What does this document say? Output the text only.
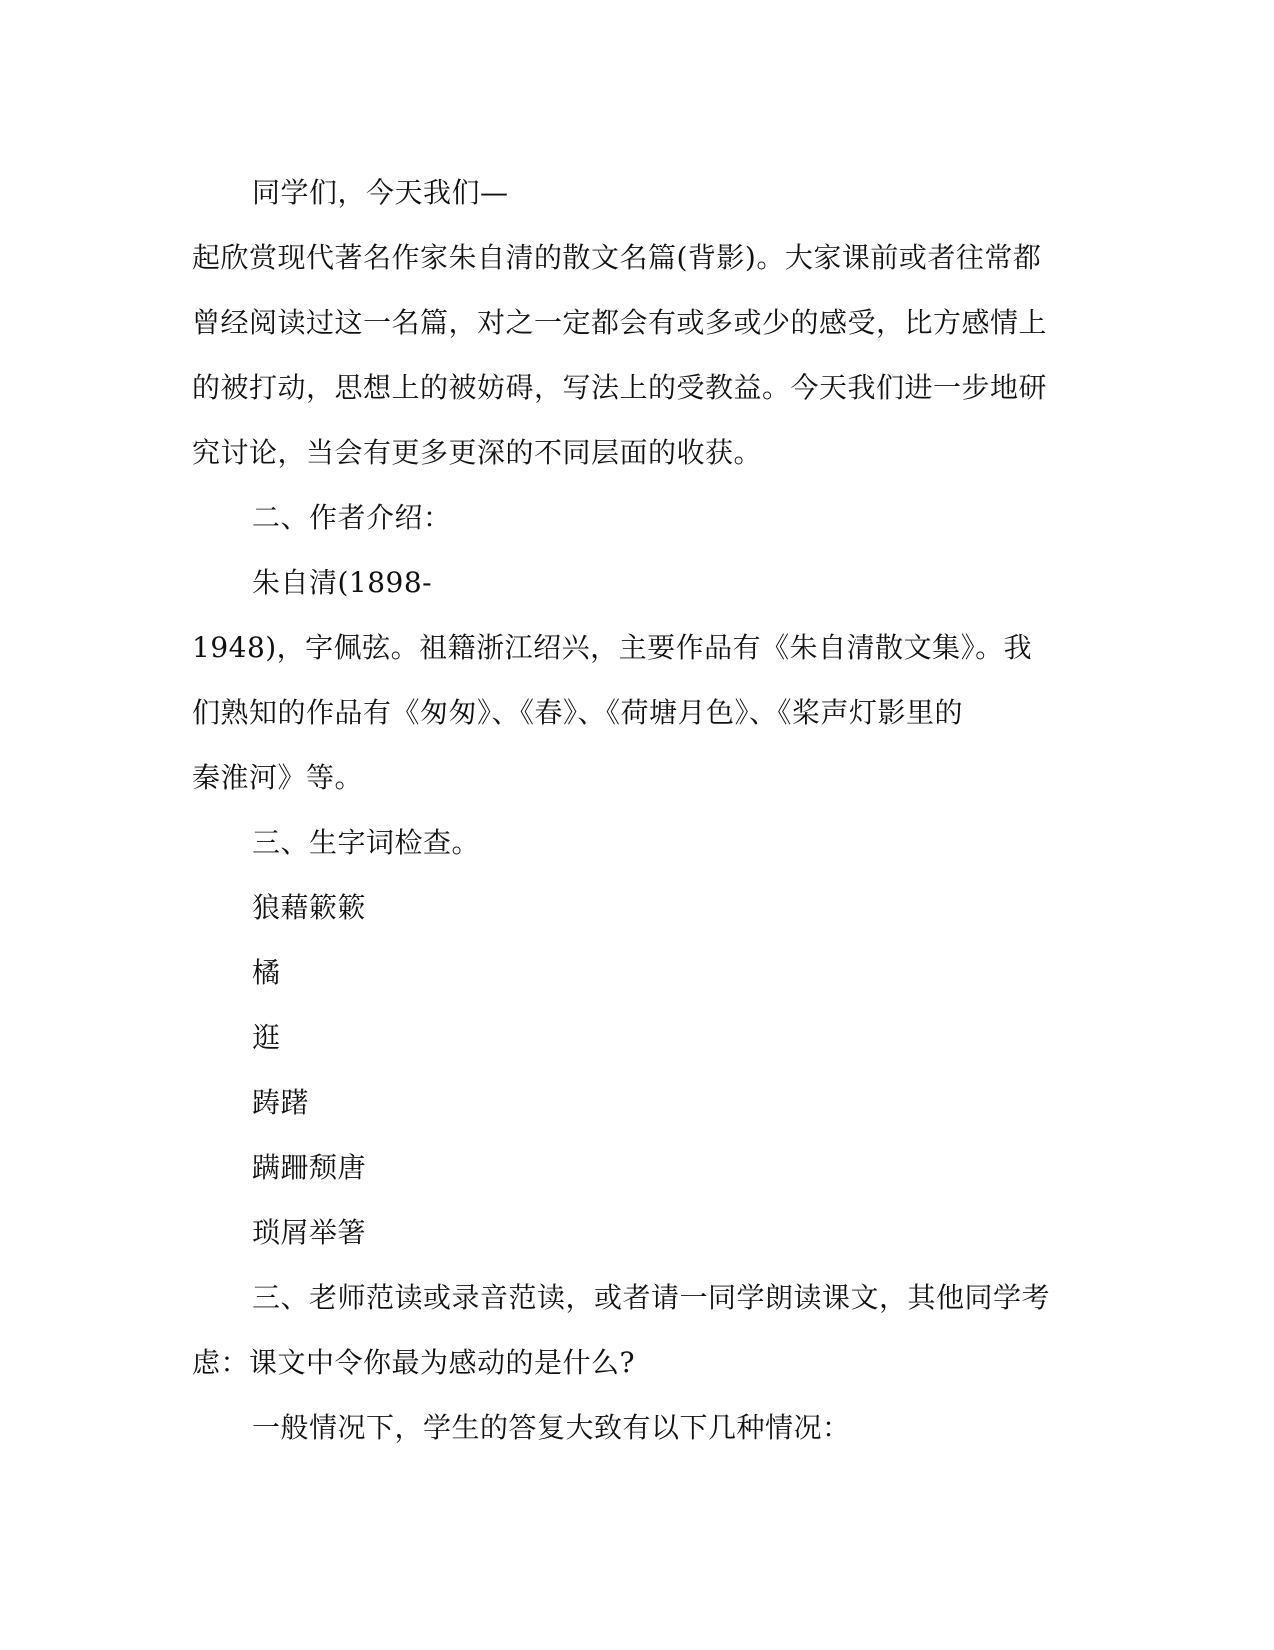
同学们，今天我们—
起欣赏现代著名作家朱自清的散文名篇(背影)。大家课前或者往常都
曾经阅读过这一名篇，对之一定都会有或多或少的感受，比方感情上
的被打动，思想上的被妨碍，写法上的受教益。今天我们进一步地研
究讨论，当会有更多更深的不同层面的收获。
二、作者介绍：
朱自清(1898-
1948)，字佩弦。祖籍浙江绍兴，主要作品有《朱自清散文集》。我
们熟知的作品有《匆匆》、《春》、《荷塘月色》、《桨声灯影里的
秦淮河》等。
三、生字词检查。
狼藉簌簌
橘
逛
踌躇
蹒跚颓唐
琐屑举箸
三、老师范读或录音范读，或者请一同学朗读课文，其他同学考
虑：课文中令你最为感动的是什么?
一般情况下，学生的答复大致有以下几种情况：
